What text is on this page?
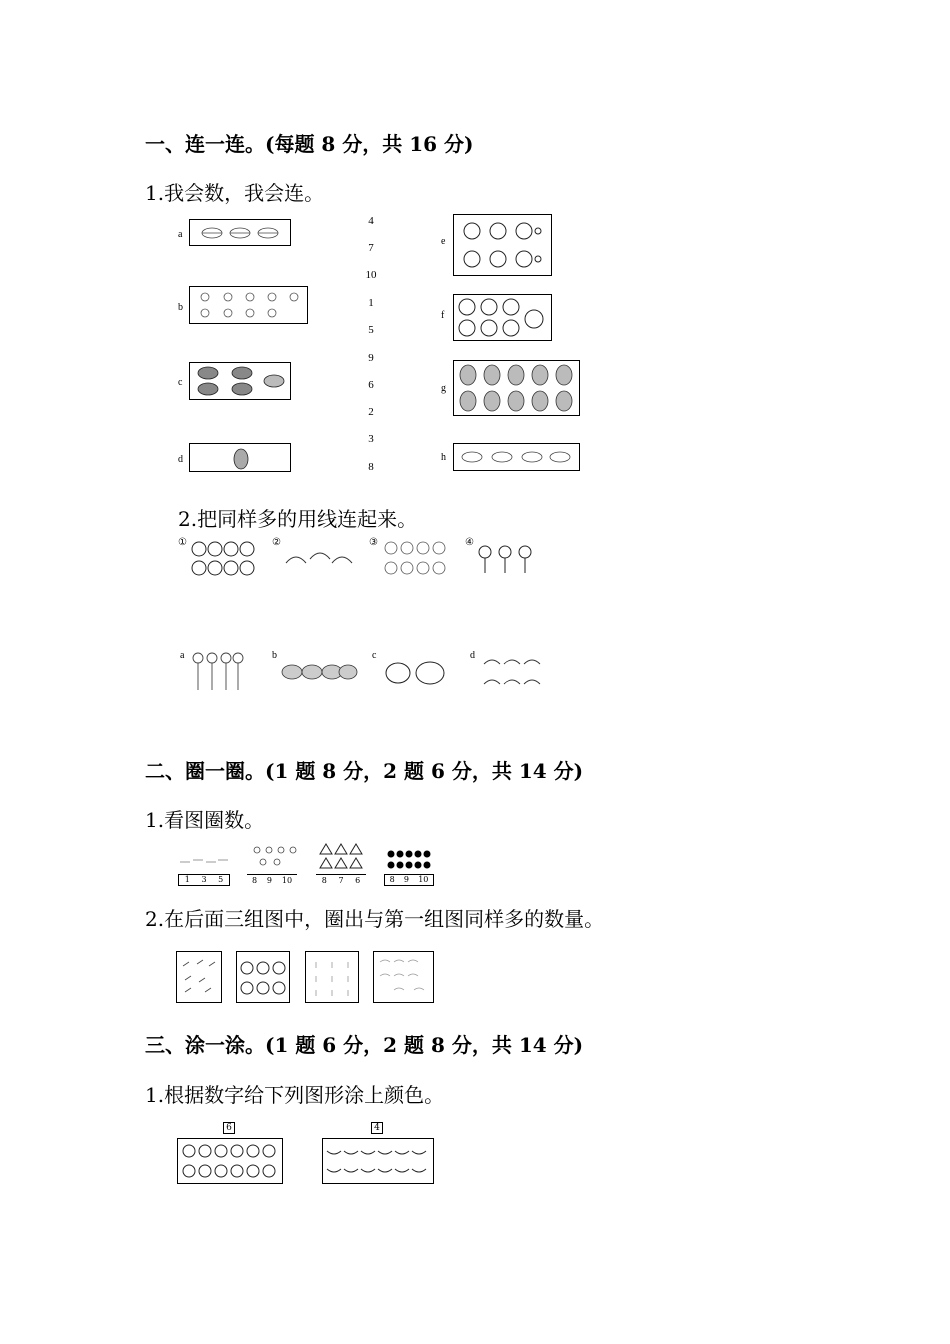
一、连一连。(每题 8 分，共 16 分)
1.我会数，我会连。
a
b
c
d
4
7
10
1
5
9
6
2
3
8
e
f
g
h
2.把同样多的用线连起来。
①	②	③	④
a	b	c	d
二、圈一圈。(1 题 8 分，2 题 6 分，共 14 分)
1.看图圈数。
1 3 5	8 9 10	8 7 6	8 9 10
2.在后面三组图中，圈出与第一组图同样多的数量。
三、涂一涂。(1 题 6 分，2 题 8 分，共 14 分)
1.根据数字给下列图形涂上颜色。
6	4
